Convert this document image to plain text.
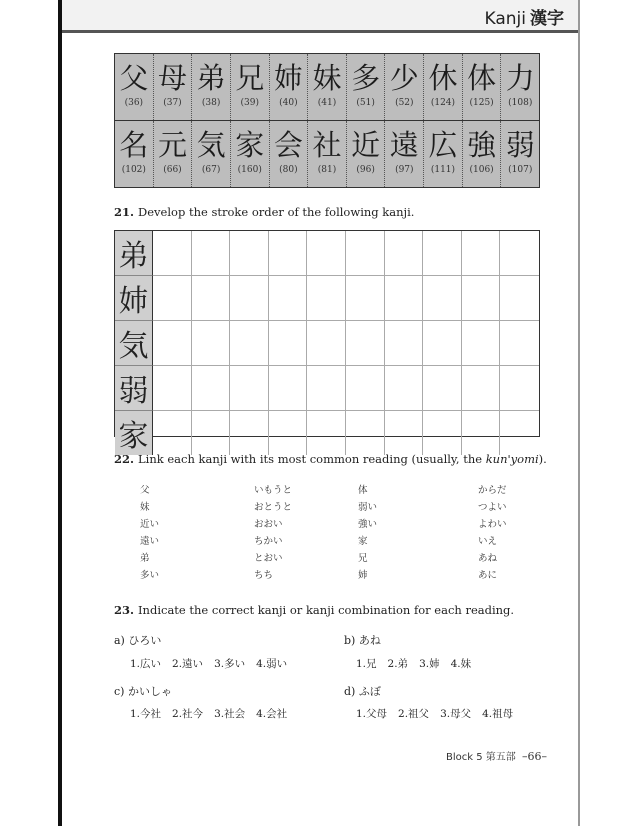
Kanji 漢字
父
(36)
母
(37)
弟
(38)
兄
(39)
姉
(40)
妹
(41)
多
(51)
少
(52)
休
(124)
体
(125)
力
(108)
名
(102)
元
(66)
気
(67)
家
(160)
会
(80)
社
(81)
近
(96)
遠
(97)
広
(111)
強
(106)
弱
(107)
21. Develop the stroke order of the following kanji.
弟
姉
気
弱
家
22. Link each kanji with its most common reading (usually, the kun'yomi).
父
妹
近い
遠い
弟
多い
いもうと
おとうと
おおい
ちかい
とおい
ちち
体
弱い
強い
家
兄
姉
からだ
つよい
よわい
いえ
あね
あに
23. Indicate the correct kanji or kanji combination for each reading.
a) ひろい
1.広い 2.遠い 3.多い 4.弱い
b) あね
1.兄 2.弟 3.姉 4.妹
c) かいしゃ
1.今社 2.社今 3.社会 4.会社
d) ふぼ
1.父母 2.祖父 3.母父 4.祖母
Block 5 第五部 –66–
